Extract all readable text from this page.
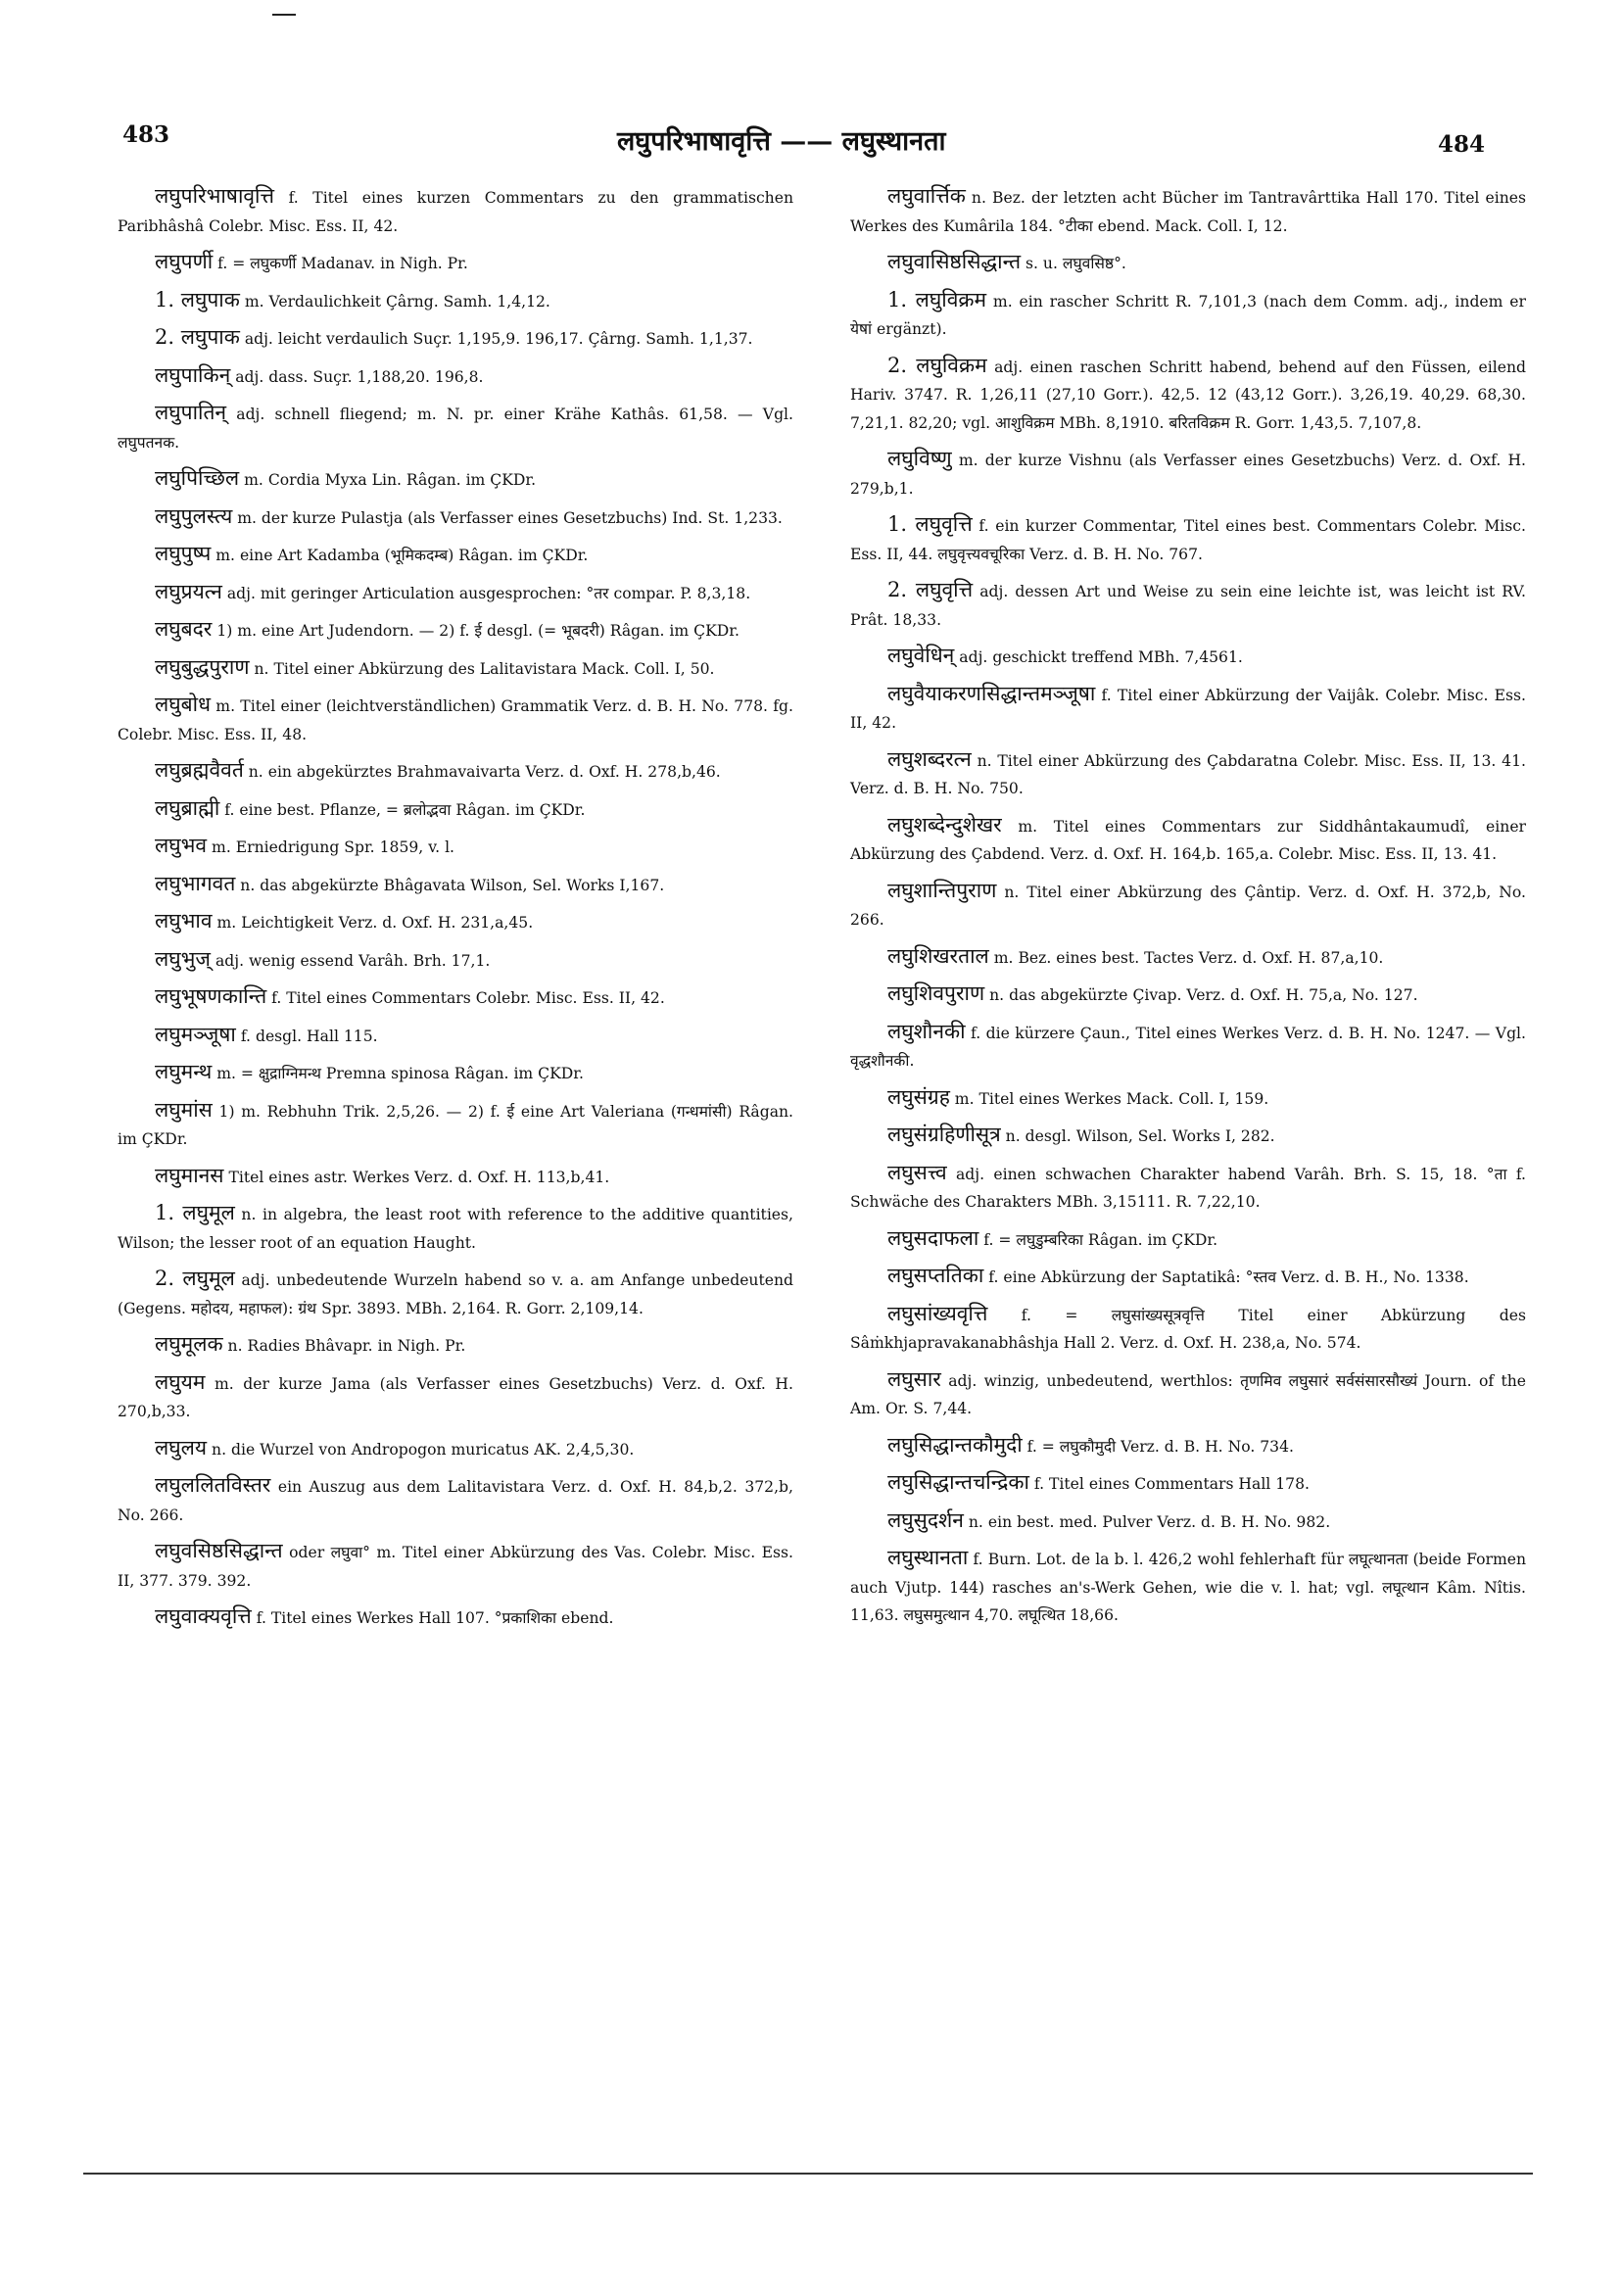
483	लघुपरिभाषावृत्ति —— लघुस्थानता	484

लघुपरिभाषावृत्ति f. Titel eines kurzen Commentars zu den grammatischen Paribhâshâ Colebr. Misc. Ess. II, 42.

लघुपर्णी f. = लघुकर्णी Madanav. in Nigh. Pr.

1. लघुपाक m. Verdaulichkeit Çârng. Samh. 1,4,12.

2. लघुपाक adj. leicht verdaulich Suçr. 1,195,9. 196,17. Çârng. Samh. 1,1,37.

लघुपाकिन् adj. dass. Suçr. 1,188,20. 196,8.

लघुपातिन् adj. schnell fliegend; m. N. pr. einer Krähe Kathâs. 61,58. — Vgl. लघुपतनक.

लघुपिच्छिल m. Cordia Myxa Lin. Râgan. im ÇKDr.

लघुपुलस्त्य m. der kurze Pulastja (als Verfasser eines Gesetzbuchs) Ind. St. 1,233.

लघुपुष्प m. eine Art Kadamba (भूमिकदम्ब) Râgan. im ÇKDr.

लघुप्रयत्न adj. mit geringer Articulation ausgesprochen: °तर compar. P. 8,3,18.

लघुबदर 1) m. eine Art Judendorn. — 2) f. ई desgl. (= भूबदरी) Râgan. im ÇKDr.

लघुबुद्धपुराण n. Titel einer Abkürzung des Lalitavistara Mack. Coll. I, 50.

लघुबोध m. Titel einer (leichtverständlichen) Grammatik Verz. d. B. H. No. 778. fg. Colebr. Misc. Ess. II, 48.

लघुब्रह्मवैवर्त n. ein abgekürztes Brahmavaivarta Verz. d. Oxf. H. 278,b,46.

लघुब्राह्मी f. eine best. Pflanze, = ब्रलोद्भवा Râgan. im ÇKDr.

लघुभव m. Erniedrigung Spr. 1859, v. l.

लघुभागवत n. das abgekürzte Bhâgavata Wilson, Sel. Works I,167.

लघुभाव m. Leichtigkeit Verz. d. Oxf. H. 231,a,45.

लघुभुज् adj. wenig essend Varâh. Brh. 17,1.

लघुभूषणकान्ति f. Titel eines Commentars Colebr. Misc. Ess. II, 42.

लघुमञ्जूषा f. desgl. Hall 115.

लघुमन्थ m. = क्षुद्राग्निमन्थ Premna spinosa Râgan. im ÇKDr.

लघुमांस 1) m. Rebhuhn Trik. 2,5,26. — 2) f. ई eine Art Valeriana (गन्धमांसी) Râgan. im ÇKDr.

लघुमानस Titel eines astr. Werkes Verz. d. Oxf. H. 113,b,41.

1. लघुमूल n. in algebra, the least root with reference to the additive quantities, Wilson; the lesser root of an equation Haught.

2. लघुमूल adj. unbedeutende Wurzeln habend so v. a. am Anfange unbedeutend (Gegens. महोदय, महाफल): ग्रंथ Spr. 3893. MBh. 2,164. R. Gorr. 2,109,14.

लघुमूलक n. Radies Bhâvapr. in Nigh. Pr.

लघुयम m. der kurze Jama (als Verfasser eines Gesetzbuchs) Verz. d. Oxf. H. 270,b,33.

लघुलय n. die Wurzel von Andropogon muricatus AK. 2,4,5,30.

लघुललितविस्तर ein Auszug aus dem Lalitavistara Verz. d. Oxf. H. 84,b,2. 372,b, No. 266.

लघुवसिष्ठसिद्धान्त oder लघुवा° m. Titel einer Abkürzung des Vas. Colebr. Misc. Ess. II, 377. 379. 392.

लघुवाक्यवृत्ति f. Titel eines Werkes Hall 107. °प्रकाशिका ebend.

लघुवार्त्तिक n. Bez. der letzten acht Bücher im Tantravârttika Hall 170. Titel eines Werkes des Kumârila 184. °टीका ebend. Mack. Coll. I, 12.

लघुवासिष्ठसिद्धान्त s. u. लघुवसिष्ठ°.

1. लघुविक्रम m. ein rascher Schritt R. 7,101,3 (nach dem Comm. adj., indem er येषां ergänzt).

2. लघुविक्रम adj. einen raschen Schritt habend, behend auf den Füssen, eilend Hariv. 3747. R. 1,26,11 (27,10 Gorr.). 42,5. 12 (43,12 Gorr.). 3,26,19. 40,29. 68,30. 7,21,1. 82,20; vgl. आशुविक्रम MBh. 8,1910. बरितविक्रम R. Gorr. 1,43,5. 7,107,8.

लघुविष्णु m. der kurze Vishnu (als Verfasser eines Gesetzbuchs) Verz. d. Oxf. H. 279,b,1.

1. लघुवृत्ति f. ein kurzer Commentar, Titel eines best. Commentars Colebr. Misc. Ess. II, 44. लघुवृत्त्यवचूरिका Verz. d. B. H. No. 767.

2. लघुवृत्ति adj. dessen Art und Weise zu sein eine leichte ist, was leicht ist RV. Prât. 18,33.

लघुवेधिन् adj. geschickt treffend MBh. 7,4561.

लघुवैयाकरणसिद्धान्तमञ्जूषा f. Titel einer Abkürzung der Vaijâk. Colebr. Misc. Ess. II, 42.

लघुशब्दरत्न n. Titel einer Abkürzung des Çabdaratna Colebr. Misc. Ess. II, 13. 41. Verz. d. B. H. No. 750.

लघुशब्देन्दुशेखर m. Titel eines Commentars zur Siddhântakaumudî, einer Abkürzung des Çabdend. Verz. d. Oxf. H. 164,b. 165,a. Colebr. Misc. Ess. II, 13. 41.

लघुशान्तिपुराण n. Titel einer Abkürzung des Çântip. Verz. d. Oxf. H. 372,b, No. 266.

लघुशिखरताल m. Bez. eines best. Tactes Verz. d. Oxf. H. 87,a,10.

लघुशिवपुराण n. das abgekürzte Çivap. Verz. d. Oxf. H. 75,a, No. 127.

लघुशौनकी f. die kürzere Çaun., Titel eines Werkes Verz. d. B. H. No. 1247. — Vgl. वृद्धशौनकी.

लघुसंग्रह m. Titel eines Werkes Mack. Coll. I, 159.

लघुसंग्रहिणीसूत्र n. desgl. Wilson, Sel. Works I, 282.

लघुसत्त्व adj. einen schwachen Charakter habend Varâh. Brh. S. 15, 18. °ता f. Schwäche des Charakters MBh. 3,15111. R. 7,22,10.

लघुसदाफला f. = लघुडुम्बरिका Râgan. im ÇKDr.

लघुसप्ततिका f. eine Abkürzung der Saptatikâ: °स्तव Verz. d. B. H., No. 1338.

लघुसांख्यवृत्ति f. = लघुसांख्यसूत्रवृत्ति Titel einer Abkürzung des Sâṁkhjapravakanabhâshja Hall 2. Verz. d. Oxf. H. 238,a, No. 574.

लघुसार adj. winzig, unbedeutend, werthlos: तृणमिव लघुसारं सर्वसंसारसौख्यं Journ. of the Am. Or. S. 7,44.

लघुसिद्धान्तकौमुदी f. = लघुकौमुदी Verz. d. B. H. No. 734.

लघुसिद्धान्तचन्द्रिका f. Titel eines Commentars Hall 178.

लघुसुदर्शन n. ein best. med. Pulver Verz. d. B. H. No. 982.

लघुस्थानता f. Burn. Lot. de la b. l. 426,2 wohl fehlerhaft für लघूत्थानता (beide Formen auch Vjutp. 144) rasches an's-Werk Gehen, wie die v. l. hat; vgl. लघूत्थान Kâm. Nîtis. 11,63. लघुसमुत्थान 4,70. लघूत्थित 18,66.
